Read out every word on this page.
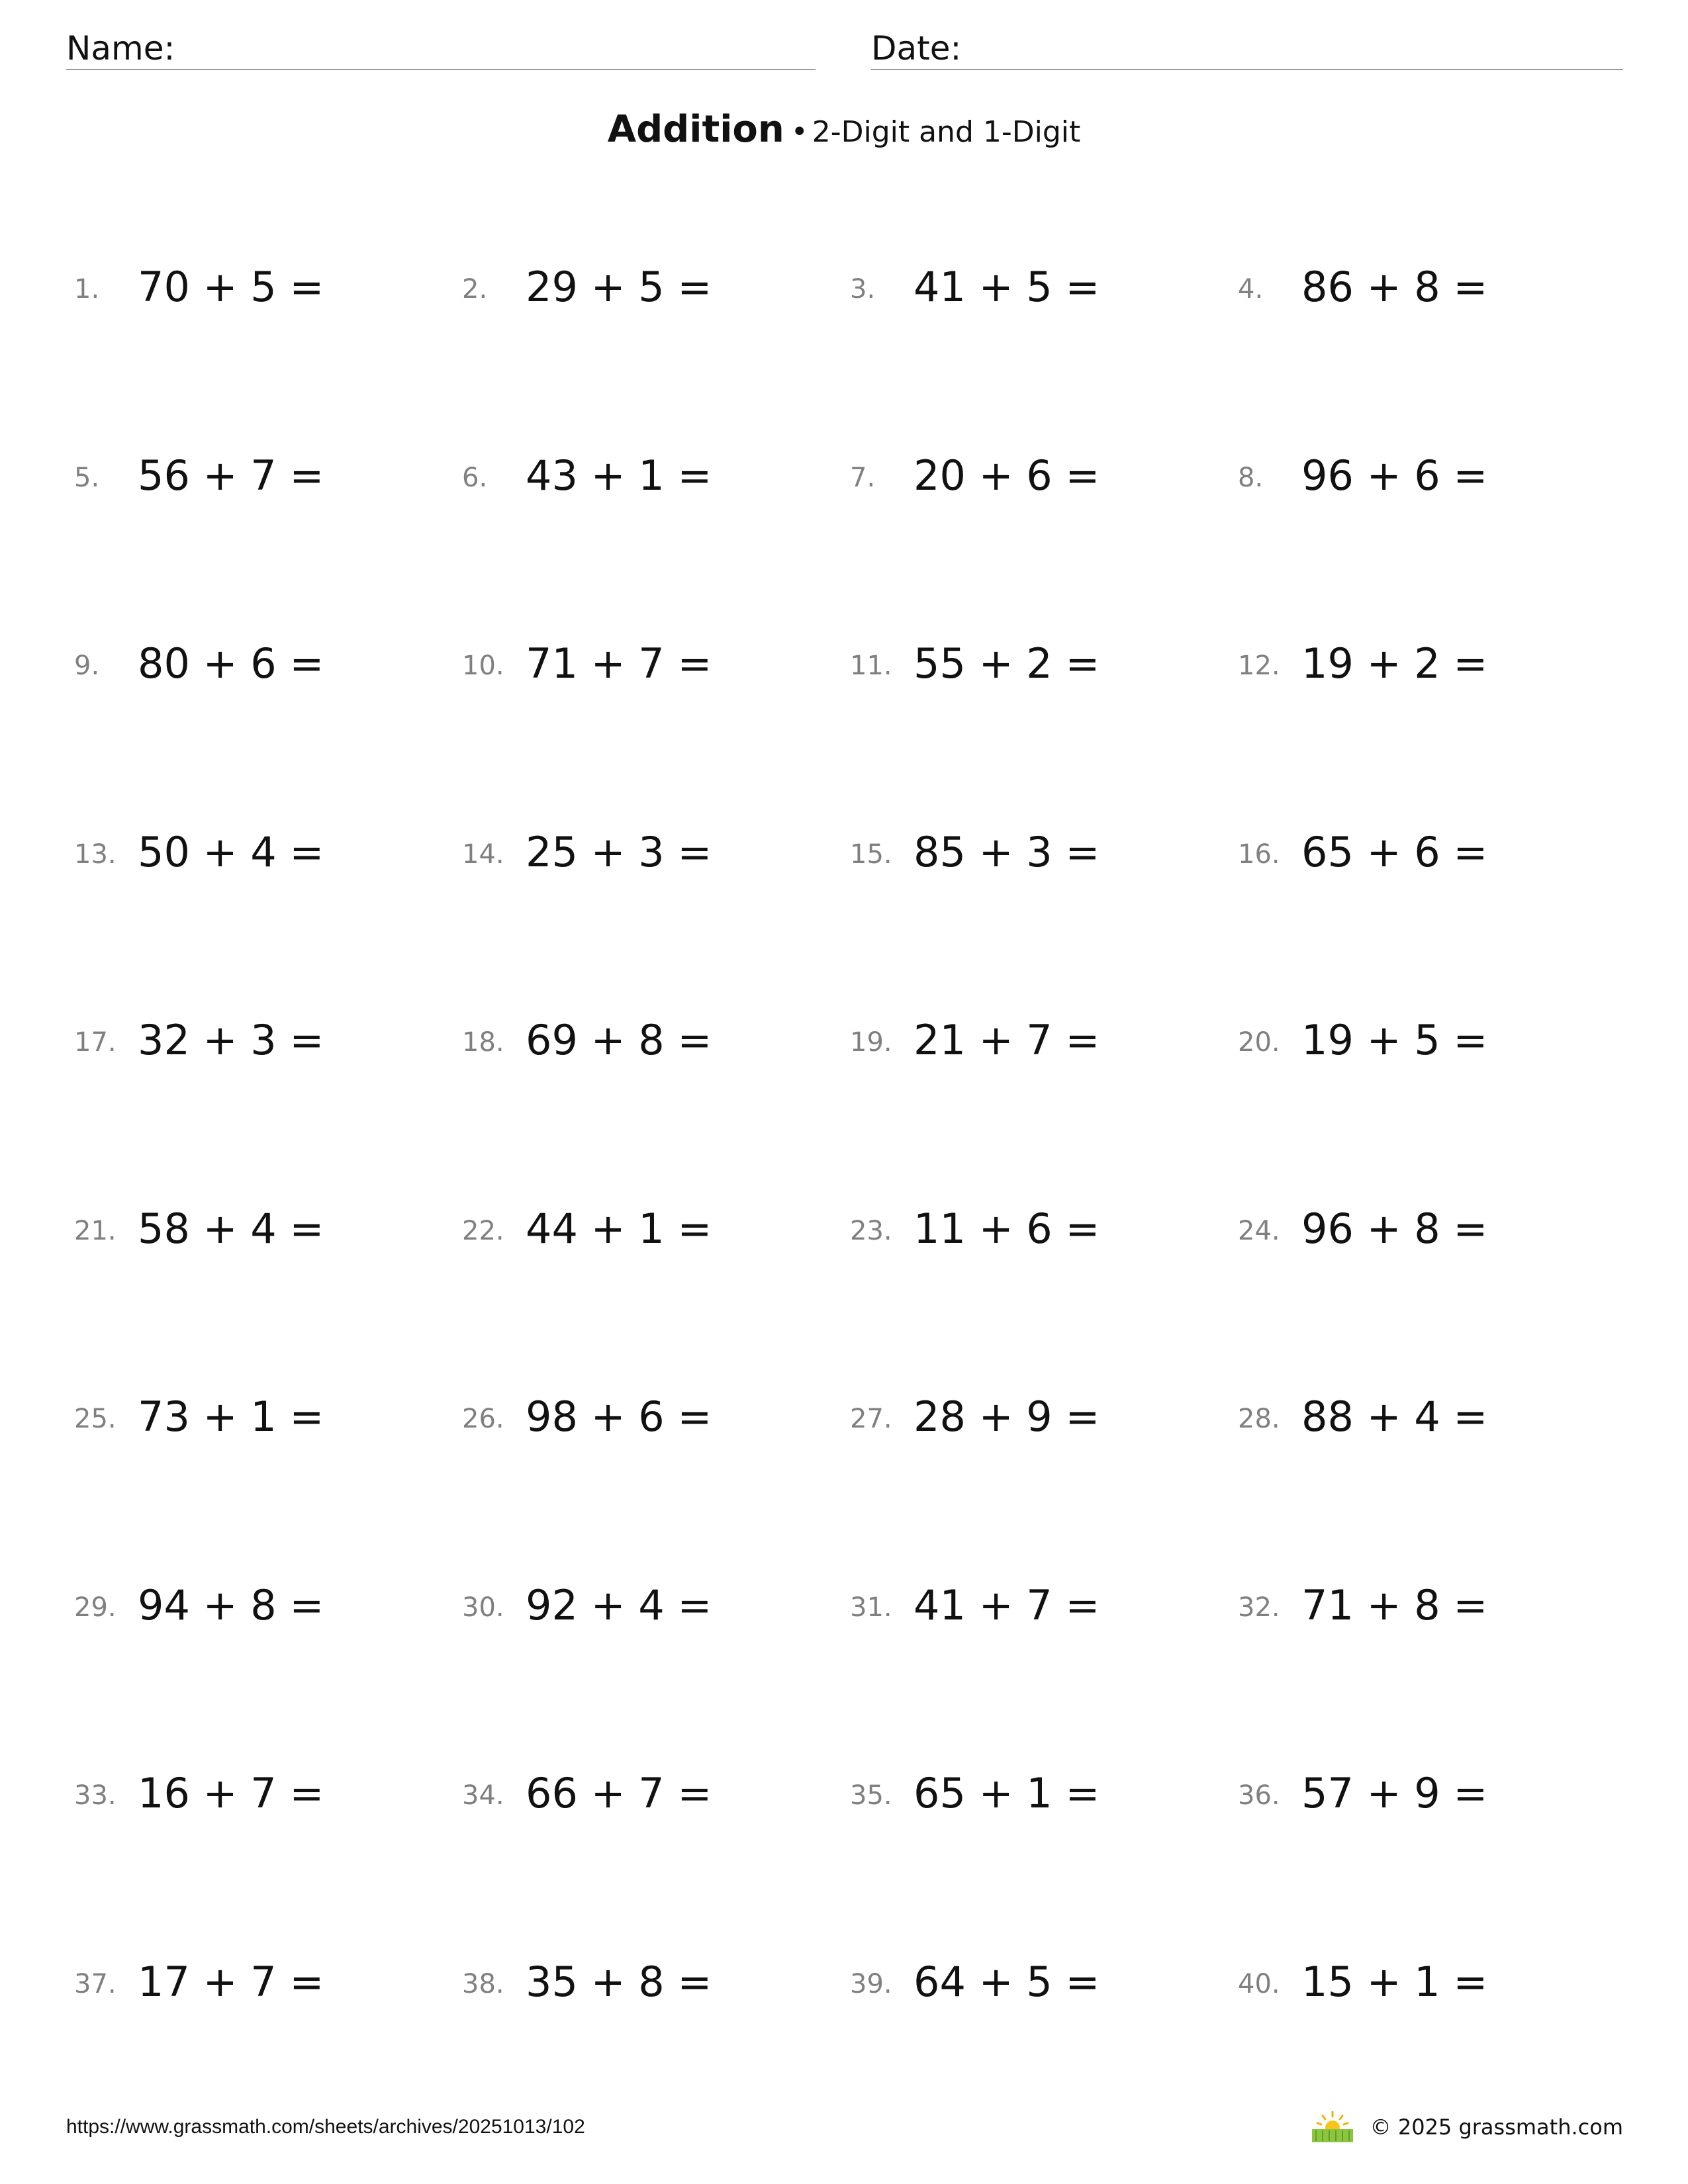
Name:	Date:
Addition • 2-Digit and 1-Digit
1. 70 + 5 =	2. 29 + 5 =	3. 41 + 5 =	4. 86 + 8 =
5. 56 + 7 =	6. 43 + 1 =	7. 20 + 6 =	8. 96 + 6 =
9. 80 + 6 =	10. 71 + 7 =	11. 55 + 2 =	12. 19 + 2 =
13. 50 + 4 =	14. 25 + 3 =	15. 85 + 3 =	16. 65 + 6 =
17. 32 + 3 =	18. 69 + 8 =	19. 21 + 7 =	20. 19 + 5 =
21. 58 + 4 =	22. 44 + 1 =	23. 11 + 6 =	24. 96 + 8 =
25. 73 + 1 =	26. 98 + 6 =	27. 28 + 9 =	28. 88 + 4 =
29. 94 + 8 =	30. 92 + 4 =	31. 41 + 7 =	32. 71 + 8 =
33. 16 + 7 =	34. 66 + 7 =	35. 65 + 1 =	36. 57 + 9 =
37. 17 + 7 =	38. 35 + 8 =	39. 64 + 5 =	40. 15 + 1 =
https://www.grassmath.com/sheets/archives/20251013/102	© 2025 grassmath.com
